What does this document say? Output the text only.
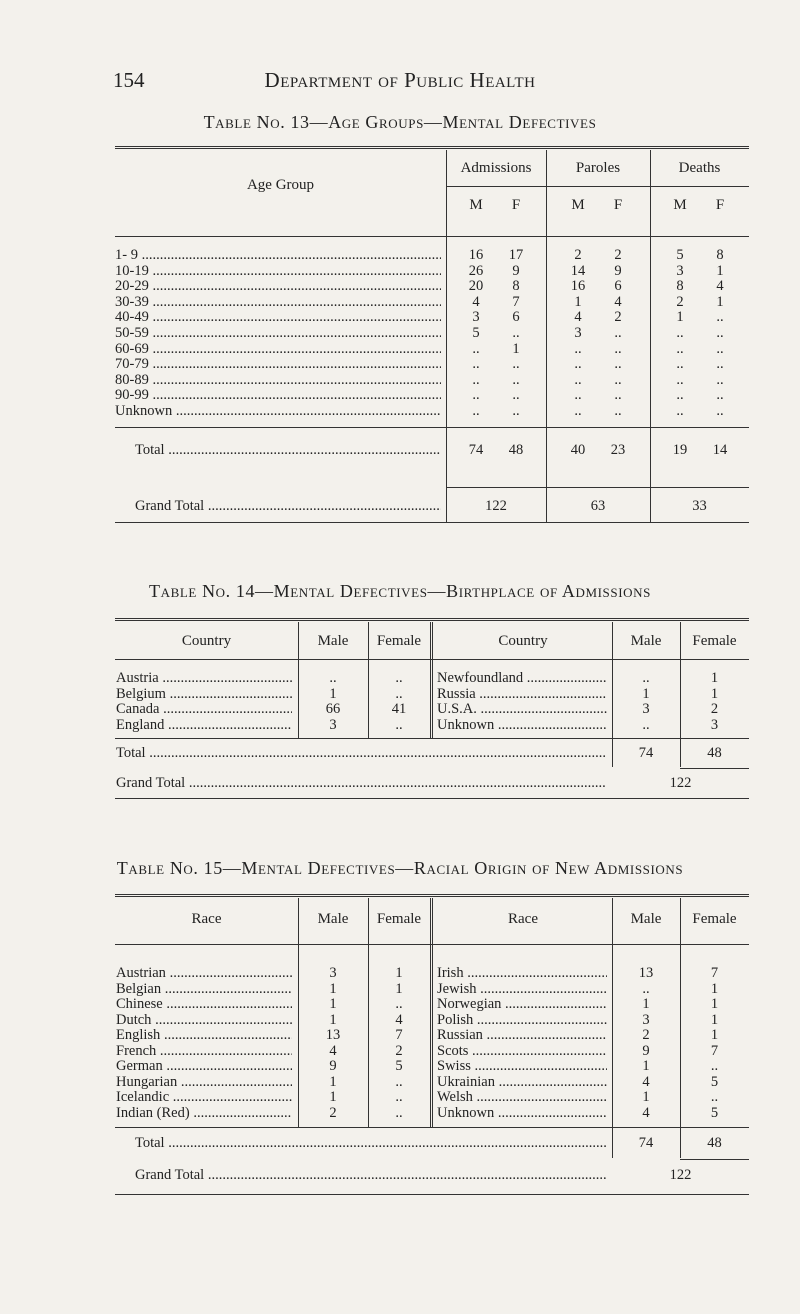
154	Department of Public Health
Table No. 13—Age Groups—Mental Defectives
Age Group
Admissions	Paroles	Deaths
M	F	M	F	M	F
1- 9 .....	16	17	2	2	5	8
10-19 .....	26	9	14	9	3	1
20-29 .....	20	8	16	6	8	4
30-39 .....	4	7	1	4	2	1
40-49 .....	3	6	4	2	1	..
50-59 .....	5	..	3	..	..	..
60-69 .....	..	1	..	..	..	..
70-79 .....	..	..	..	..	..	..
80-89 .....	..	..	..	..	..	..
90-99 .....	..	..	..	..	..	..
Unknown .....	..	..	..	..	..	..
Total .....	74	48	40	23	19	14
Grand Total .....	122	63	33
Table No. 14—Mental Defectives—Birthplace of Admissions
Country	Male	Female	Country	Male	Female
Austria .....	..	..
Belgium .....	1	..
Canada .....	66	41
England .....	3	..
Newfoundland .....	..	1
Russia .....	1	1
U.S.A. .....	3	2
Unknown .....	..	3
Total .....	74	48
Grand Total .....	122
Table No. 15—Mental Defectives—Racial Origin of New Admissions
Race	Male	Female	Race	Male	Female
Austrian .....	3	1
Belgian .....	1	1
Chinese .....	1	..
Dutch .....	1	4
English .....	13	7
French .....	4	2
German .....	9	5
Hungarian .....	1	..
Icelandic .....	1	..
Indian (Red) .....	2	..
Irish .....	13	7
Jewish .....	..	1
Norwegian .....	1	1
Polish .....	3	1
Russian .....	2	1
Scots .....	9	7
Swiss .....	1	..
Ukrainian .....	4	5
Welsh .....	1	..
Unknown .....	4	5
Total .....	74	48
Grand Total .....	122
